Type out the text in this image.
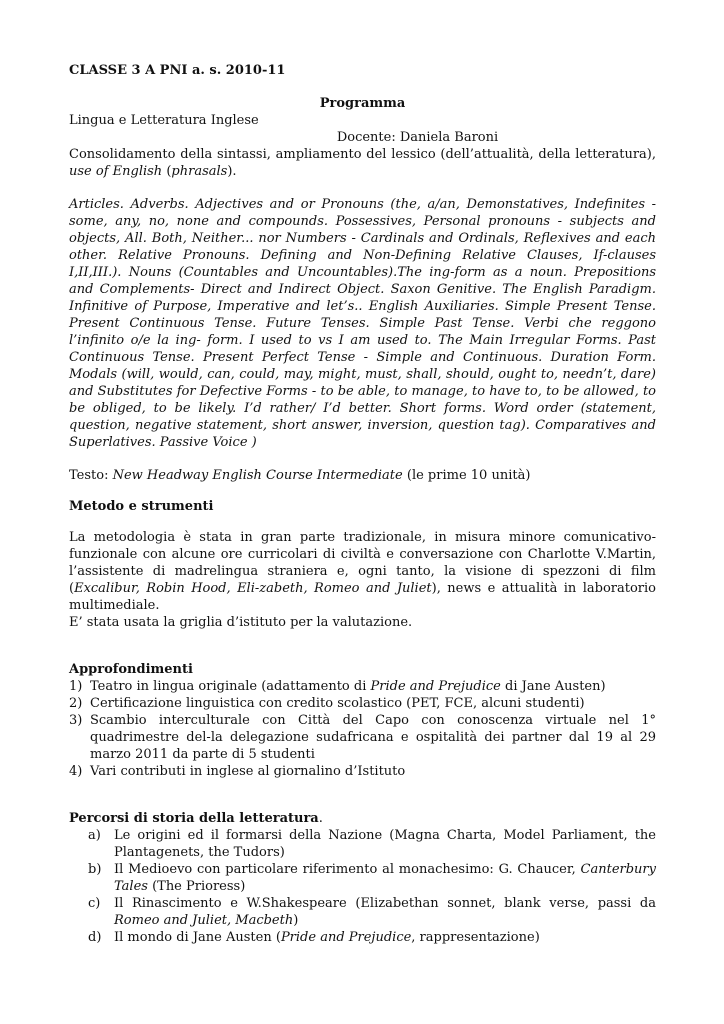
CLASSE 3 A PNI a. s. 2010-11

Programma

Lingua e Letteratura Inglese

Docente: Daniela Baroni

Consolidamento della sintassi, ampliamento del lessico (dell’attualità, della letteratura), use of English (phrasals).

Articles. Adverbs. Adjectives and or Pronouns (the, a/an, Demonstatives, Indefinites - some, any, no, none and compounds. Possessives, Personal pronouns - subjects and objects, All. Both, Neither... nor Numbers - Cardinals and Ordinals, Reflexives and each other. Relative Pronouns. Defining and Non-Defining Relative Clauses, If-clauses I,II,III.). Nouns (Countables and Uncountables).The ing-form as a noun. Prepositions and Complements- Direct and Indirect Object. Saxon Genitive. The English Paradigm. Infinitive of Purpose, Imperative and let’s.. English Auxiliaries. Simple Present Tense. Present Continuous Tense. Future Tenses. Simple Past Tense. Verbi che reggono l’infinito o/e la ing- form. I used to vs I am used to. The Main Irregular Forms. Past Continuous Tense. Present Perfect Tense - Simple and Continuous. Duration Form. Modals (will, would, can, could, may, might, must, shall, should, ought to, needn’t, dare) and Substitutes for Defective Forms - to be able, to manage, to have to, to be allowed, to be obliged, to be likely. I’d rather/ I’d better. Short forms. Word order (statement, question, negative statement, short answer, inversion, question tag). Comparatives and Superlatives. Passive Voice )

Testo: New Headway English Course Intermediate (le prime 10 unità)

Metodo e strumenti

La metodologia è stata in gran parte tradizionale, in misura minore comunicativo-funzionale con alcune ore curricolari di civiltà e conversazione con Charlotte V.Martin, l’assistente di madrelingua straniera e, ogni tanto, la visione di spezzoni di film (Excalibur, Robin Hood, Eli-zabeth, Romeo and Juliet), news e attualità in laboratorio multimediale.

E’ stata usata la griglia d’istituto per la valutazione.

Approfondimenti

1) Teatro in lingua originale (adattamento di Pride and Prejudice di Jane Austen)
2) Certificazione linguistica con credito scolastico (PET, FCE, alcuni studenti)
3) Scambio interculturale con Città del Capo con conoscenza virtuale nel 1° quadrimestre del-la delegazione sudafricana e ospitalità dei partner dal 19 al 29 marzo 2011 da parte di 5 studenti
4) Vari contributi in inglese al giornalino d’Istituto

Percorsi di storia della letteratura.

a) Le origini ed il formarsi della Nazione (Magna Charta, Model Parliament, the Plantagenets, the Tudors)
b) Il Medioevo con particolare riferimento al monachesimo: G. Chaucer, Canterbury Tales (The Prioress)
c) Il Rinascimento e W.Shakespeare (Elizabethan sonnet, blank verse, passi da Romeo and Juliet, Macbeth)
d) Il mondo di Jane Austen (Pride and Prejudice, rappresentazione)
